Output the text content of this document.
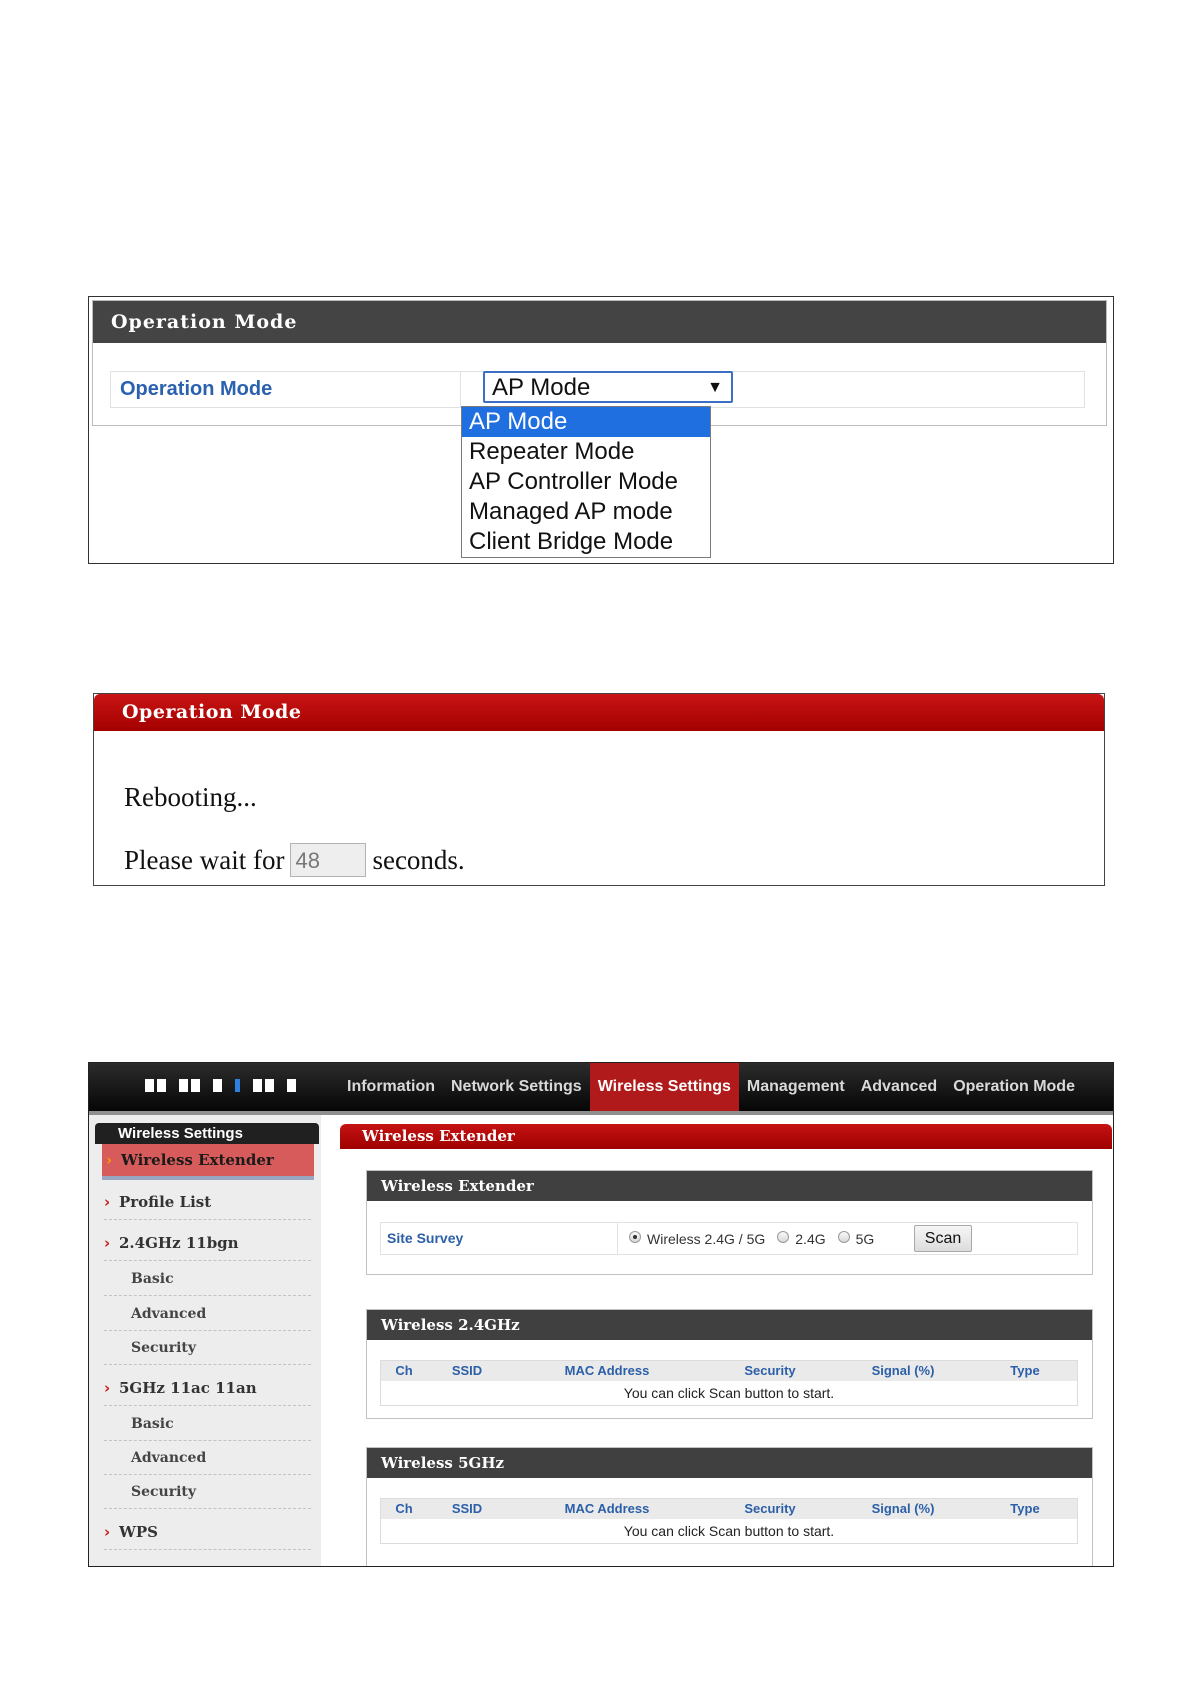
Operation Mode
Operation Mode	AP Mode	▼
AP Mode
Repeater Mode
AP Controller Mode
Managed AP mode
Client Bridge Mode
Operation Mode
Rebooting...
Please wait for 48	seconds.
Information	Network Settings	Wireless Settings	Management	Advanced	Operation Mode
Wireless Settings
› Wireless Extender
› Profile List
› 2.4GHz 11bgn
Basic
Advanced
Security
› 5GHz 11ac 11an
Basic
Advanced
Security
› WPS
Wireless Extender
Wireless Extender
Site Survey	Wireless 2.4G / 5G 2.4G 5G	Scan
Wireless 2.4GHz
Ch	SSID	MAC Address	Security	Signal (%)	Type
You can click Scan button to start.
Wireless 5GHz
Ch	SSID	MAC Address	Security	Signal (%)	Type
You can click Scan button to start.
